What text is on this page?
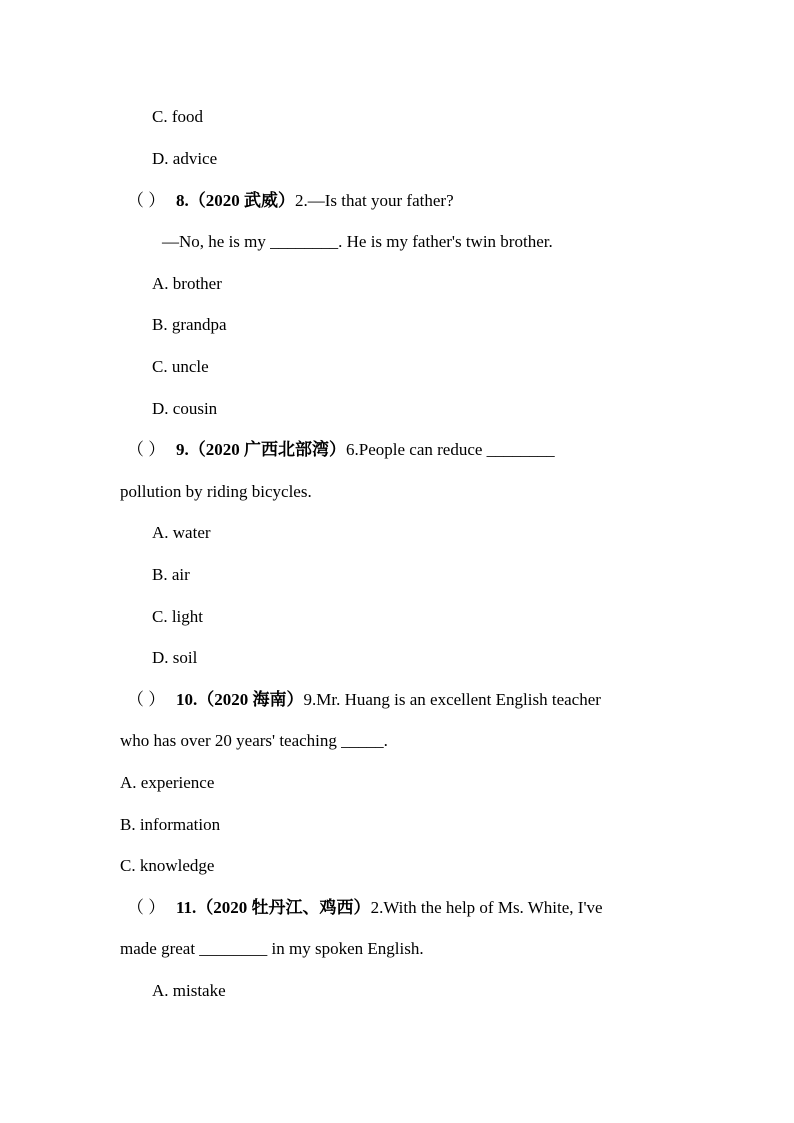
C. food
D. advice
（ ） 8.（2020 武威）2.—Is that your father?
—No, he is my ________. He is my father's twin brother.
A. brother
B. grandpa
C. uncle
D. cousin
（ ） 9.（2020 广西北部湾）6.People can reduce ________
pollution by riding bicycles.
A. water
B. air
C. light
D. soil
（ ） 10.（2020 海南）9.Mr. Huang is an excellent English teacher
who has over 20 years' teaching _____.
A. experience
B. information
C. knowledge
（ ） 11.（2020 牡丹江、鸡西）2.With the help of Ms. White, I've
made great ________ in my spoken English.
A. mistake
